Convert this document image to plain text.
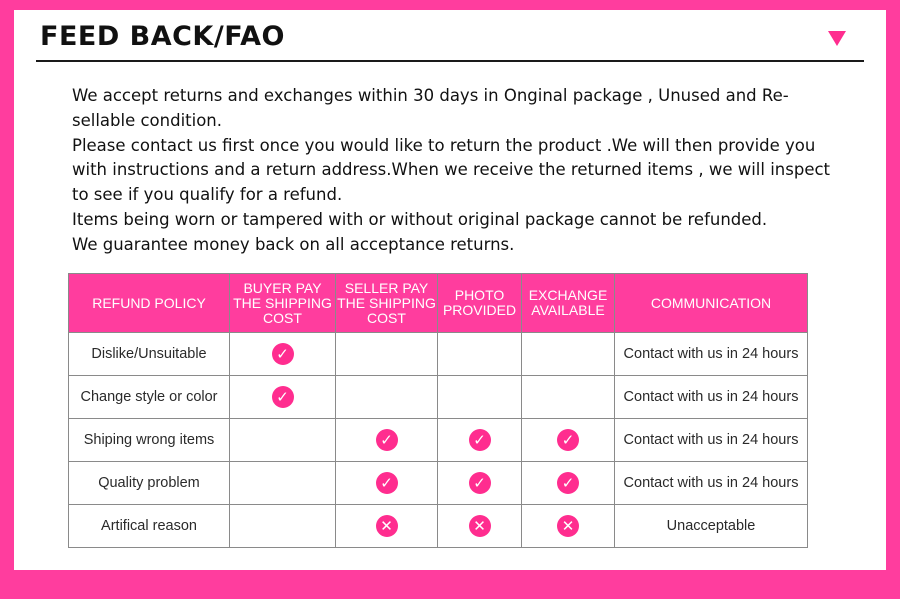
FEED BACK/FAO

We accept returns and exchanges within 30 days in Onginal package , Unused and Re-sellable condition.

Please contact us first once you would like to return the product .We will then provide you with instructions and a return address.When we receive the returned items , we will inspect to see if you qualify for a refund.

Items being worn or tampered with or without original package cannot be refunded.

We guarantee money back on all acceptance returns.

REFUND POLICY	BUYER PAY THE SHIPPING COST	SELLER PAY THE SHIPPING COST	PHOTO PROVIDED	EXCHANGE AVAILABLE	COMMUNICATION
Dislike/Unsuitable	✓				Contact with us in 24 hours
Change style or color	✓				Contact with us in 24 hours
Shiping wrong items		✓	✓	✓	Contact with us in 24 hours
Quality problem		✓	✓	✓	Contact with us in 24 hours
Artifical reason		✕	✕	✕	Unacceptable
